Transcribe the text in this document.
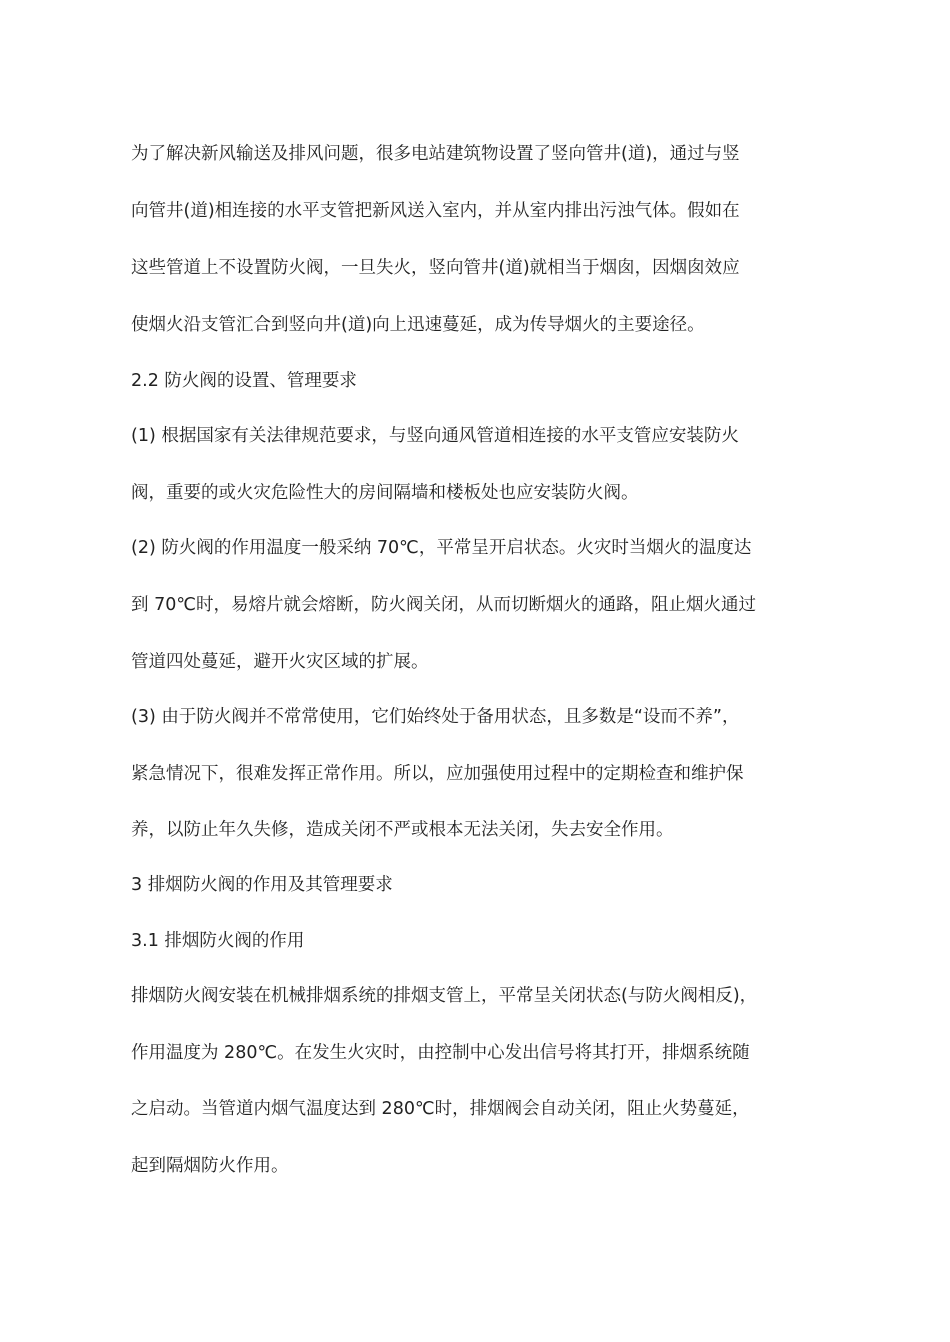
为了解决新风输送及排风问题，很多电站建筑物设置了竖向管井(道)，通过与竖

向管井(道)相连接的水平支管把新风送入室内，并从室内排出污浊气体。假如在

这些管道上不设置防火阀，一旦失火，竖向管井(道)就相当于烟囱，因烟囱效应

使烟火沿支管汇合到竖向井(道)向上迅速蔓延，成为传导烟火的主要途径。

2.2 防火阀的设置、管理要求

(1) 根据国家有关法律规范要求，与竖向通风管道相连接的水平支管应安装防火

阀，重要的或火灾危险性大的房间隔墙和楼板处也应安装防火阀。

(2) 防火阀的作用温度一般采纳 70℃，平常呈开启状态。火灾时当烟火的温度达

到 70℃时，易熔片就会熔断，防火阀关闭，从而切断烟火的通路，阻止烟火通过

管道四处蔓延，避开火灾区域的扩展。

(3) 由于防火阀并不常常使用，它们始终处于备用状态，且多数是“设而不养”，

紧急情况下，很难发挥正常作用。所以，应加强使用过程中的定期检查和维护保

养，以防止年久失修，造成关闭不严或根本无法关闭，失去安全作用。

3 排烟防火阀的作用及其管理要求

3.1 排烟防火阀的作用

排烟防火阀安装在机械排烟系统的排烟支管上，平常呈关闭状态(与防火阀相反)，

作用温度为 280℃。在发生火灾时，由控制中心发出信号将其打开，排烟系统随

之启动。当管道内烟气温度达到 280℃时，排烟阀会自动关闭，阻止火势蔓延，

起到隔烟防火作用。
